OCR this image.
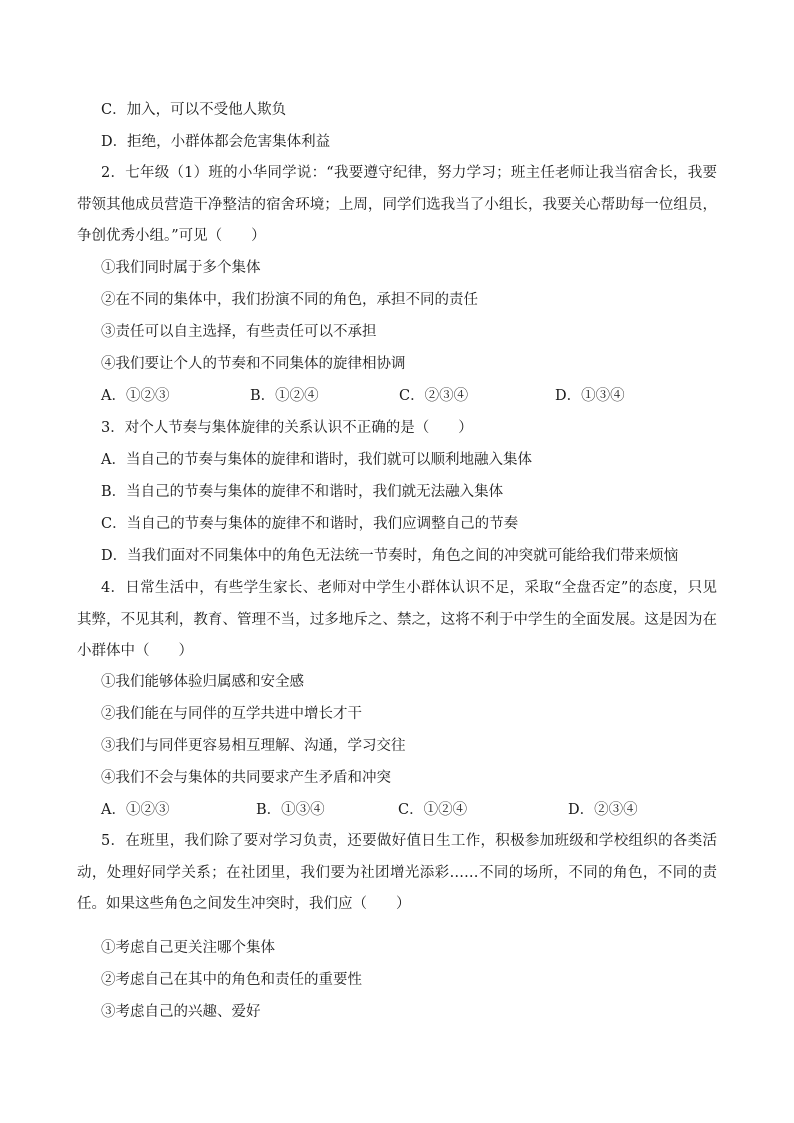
C．加入，可以不受他人欺负
D．拒绝，小群体都会危害集体利益
2．七年级（1）班的小华同学说：“我要遵守纪律，努力学习；班主任老师让我当宿舍长，我要带领其他成员营造干净整洁的宿舍环境；上周，同学们选我当了小组长，我要关心帮助每一位组员，争创优秀小组。”可见（　　）
①我们同时属于多个集体
②在不同的集体中，我们扮演不同的角色，承担不同的责任
③责任可以自主选择，有些责任可以不承担
④我们要让个人的节奏和不同集体的旋律相协调
A．①②③	B．①②④	C．②③④	D．①③④
3．对个人节奏与集体旋律的关系认识不正确的是（　　）
A．当自己的节奏与集体的旋律和谐时，我们就可以顺利地融入集体
B．当自己的节奏与集体的旋律不和谐时，我们就无法融入集体
C．当自己的节奏与集体的旋律不和谐时，我们应调整自己的节奏
D．当我们面对不同集体中的角色无法统一节奏时，角色之间的冲突就可能给我们带来烦恼
4．日常生活中，有些学生家长、老师对中学生小群体认识不足，采取“全盘否定”的态度，只见其弊，不见其利，教育、管理不当，过多地斥之、禁之，这将不利于中学生的全面发展。这是因为在小群体中（　　）
①我们能够体验归属感和安全感
②我们能在与同伴的互学共进中增长才干
③我们与同伴更容易相互理解、沟通，学习交往
④我们不会与集体的共同要求产生矛盾和冲突
A．①②③	B．①③④	C．①②④	D．②③④
5．在班里，我们除了要对学习负责，还要做好值日生工作，积极参加班级和学校组织的各类活动，处理好同学关系；在社团里，我们要为社团增光添彩……不同的场所，不同的角色，不同的责任。如果这些角色之间发生冲突时，我们应（　　）
①考虑自己更关注哪个集体
②考虑自己在其中的角色和责任的重要性
③考虑自己的兴趣、爱好
